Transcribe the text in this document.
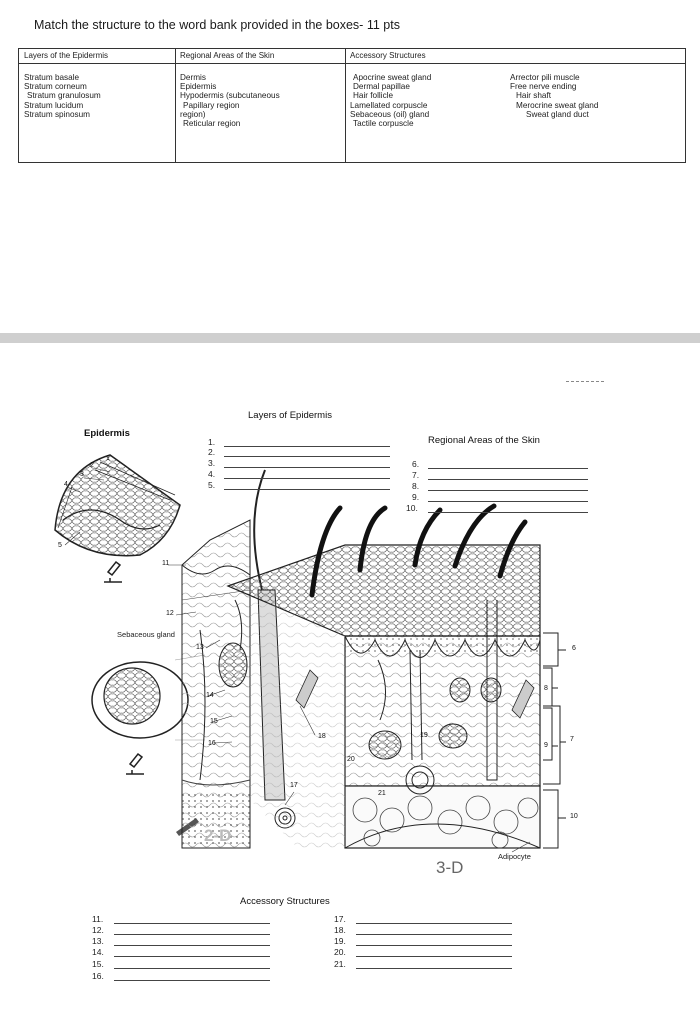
Match the structure to the word bank provided in the boxes- 11 pts
Layers of the Epidermis
Stratum basale
Stratum corneum
Stratum granulosum
Stratum lucidum
Stratum spinosum
Regional Areas of the Skin
Dermis
Epidermis
Hypodermis (subcutaneous
Papillary region
region)
Reticular region
Accessory Structures
Apocrine sweat gland
Dermal papillae
Hair follicle
Lamellated corpuscle
Sebaceous (oil) gland
Tactile corpuscle
Arrector pili muscle
Free nerve ending
Hair shaft
Merocrine sweat gland
Sweat gland duct
Epidermis
Layers of Epidermis
Regional Areas of the Skin
Accessory Structures
Sebaceous gland
Adipocyte
2-D
3-D
1.
2.
3.
4.
5.
6.
7.
8.
9.
10.
11.
12.
13.
14.
15.
16.
17.
18.
19.
20.
21.
1
2
3
4
5
6
7
8
9
10
11
12
13
14
15
16
17
18	19
20
21
